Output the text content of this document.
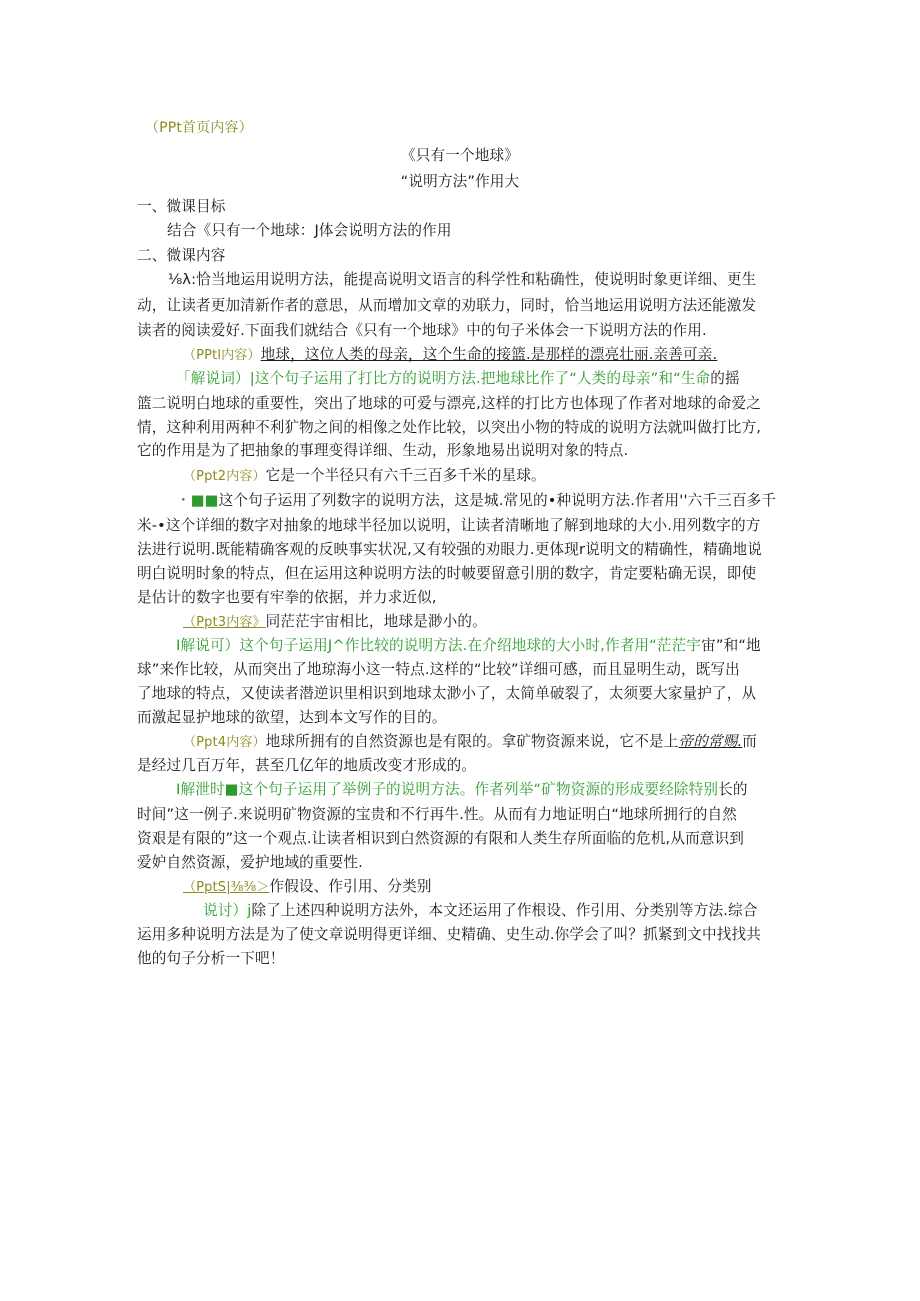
（PPt首页内容）

《只有一个地球》

“说明方法”作用大

一、微课目标

结合《只有一个地球：J体会说明方法的作用

二、微课内容

⅛λ:恰当地运用说明方法，能提高说明文语言的科学性和粘确性，使说明时象更详细、更生

动，让读者更加清新作者的意思，从而增加文章的劝联力，同时，恰当地运用说明方法还能激发

读者的阅读爱好.下面我们就结合《只有一个地球》中的句子米体会一下说明方法的作用.

（PPtl内容）地球，这位人类的母亲，这个生命的接篮.是那样的漂亮壮丽.亲善可亲.

「解说词）|这个句子运用了打比方的说明方法.把地球比作了“人类的母亲”和“生命的摇

篮二说明白地球的重要性，突出了地球的可爱与漂亮,这样的打比方也体现了作者对地球的命爱之

情，这种利用两种不利犷物之间的相像之处作比较，以突出小物的特成的说明方法就叫做打比方,

它的作用是为了把抽象的事理变得详细、生动，形象地易出说明对象的特点.

（Ppt2内容）它是一个半径只有六千三百多千米的星球。

・■■这个句子运用了列数字的说明方法，这是城.常见的•种说明方法.作者用''六千三百多千

米-•这个详细的数字对抽象的地球半径加以说明，让读者清晰地了解到地球的大小.用列数字的方

法进行说明.既能精确客观的反映事实状况,又有较强的劝眼力.更体现r说明文的精确性，精确地说

明白说明时象的特点，但在运用这种说明方法的时帔要留意引朋的数字，肯定要粘确无误，即使

是估计的数字也要有牢拳的依据，并力求近似,

（Ppt3内容》同茫茫宇宙相比，地球是渺小的。

I解说可）这个句子运用J^作比较的说明方法.在介绍地球的大小时,作者用“茫茫宇宙”和“地

球”来作比较，从而突出了地琼海小这一特点.这样的“比较”详细可感，而且显明生动，既写出

了地球的特点，又使读者潜逆识里相识到地球太渺小了，太简单破裂了，太须要大家量护了，从

而激起显护地球的欲望，达到本文写作的目的。

（Ppt4内容）地球所拥有的自然资源也是有限的。拿矿物资源来说，它不是上帝的常赐.而

是经过几百万年，甚至几亿年的地质改变才形成的。

I解泄时■这个句子运用了举例子的说明方法。作者列举“矿物资源的形成要经除特别长的

时间”这一例子.来说明矿物资源的宝贵和不行再牛.性。从而有力地证明白“地球所拥行的自然

资艰是有限的”这一个观点.让读者相识到白然资源的有限和人类生存所面临的危机,从而意识到

爱妒自然资源，爱护地域的重要性.

（PptS|⅜⅜＞作假设、作引用、分类别

说讨）j除了上述四种说明方法外，本文还运用了作根设、作引用、分类别等方法.综合

运用多种说明方法是为了使文章说明得更详细、史精确、史生动.你学会了叫？抓紧到文中找找共

他的句子分析一下吧！
